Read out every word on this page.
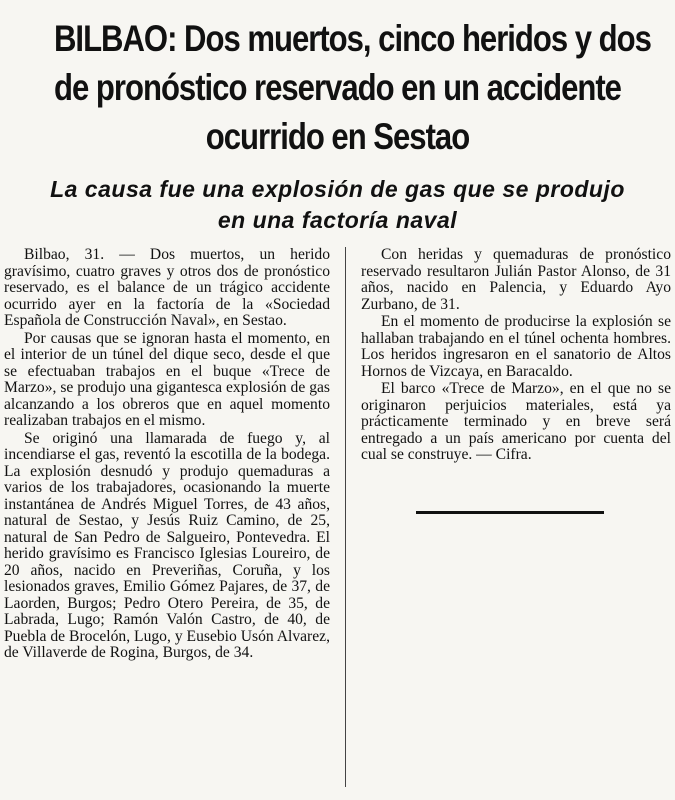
BILBAO: Dos muertos, cinco heridos y dos
de pronóstico reservado en un accidente
ocurrido en Sestao
La causa fue una explosión de gas que se produjo
en una factoría naval

Bilbao, 31. — Dos muertos, un herido gravísimo, cuatro graves y otros dos de pronóstico reservado, es el balance de un trágico accidente ocurrido ayer en la factoría de la «Sociedad Española de Construcción Naval», en Sestao.

Por causas que se ignoran hasta el momento, en el interior de un túnel del dique seco, desde el que se efectuaban trabajos en el buque «Trece de Marzo», se produjo una gigantesca explosión de gas alcanzando a los obreros que en aquel momento realizaban trabajos en el mismo.

Se originó una llamarada de fuego y, al incendiarse el gas, reventó la escotilla de la bodega. La explosión desnudó y produjo quemaduras a varios de los trabajadores, ocasionando la muerte instantánea de Andrés Miguel Torres, de 43 años, natural de Sestao, y Jesús Ruiz Camino, de 25, natural de San Pedro de Salgueiro, Pontevedra. El herido gravísimo es Francisco Iglesias Loureiro, de 20 años, nacido en Preveriñas, Coruña, y los lesionados graves, Emilio Gómez Pajares, de 37, de Laorden, Burgos; Pedro Otero Pereira, de 35, de Labrada, Lugo; Ramón Valón Castro, de 40, de Puebla de Brocelón, Lugo, y Eusebio Usón Alvarez, de Villaverde de Rogina, Burgos, de 34.

Con heridas y quemaduras de pronóstico reservado resultaron Julián Pastor Alonso, de 31 años, nacido en Palencia, y Eduardo Ayo Zurbano, de 31.

En el momento de producirse la explosión se hallaban trabajando en el túnel ochenta hombres. Los heridos ingresaron en el sanatorio de Altos Hornos de Vizcaya, en Baracaldo.

El barco «Trece de Marzo», en el que no se originaron perjuicios materiales, está ya prácticamente terminado y en breve será entregado a un país americano por cuenta del cual se construye. — Cifra.
